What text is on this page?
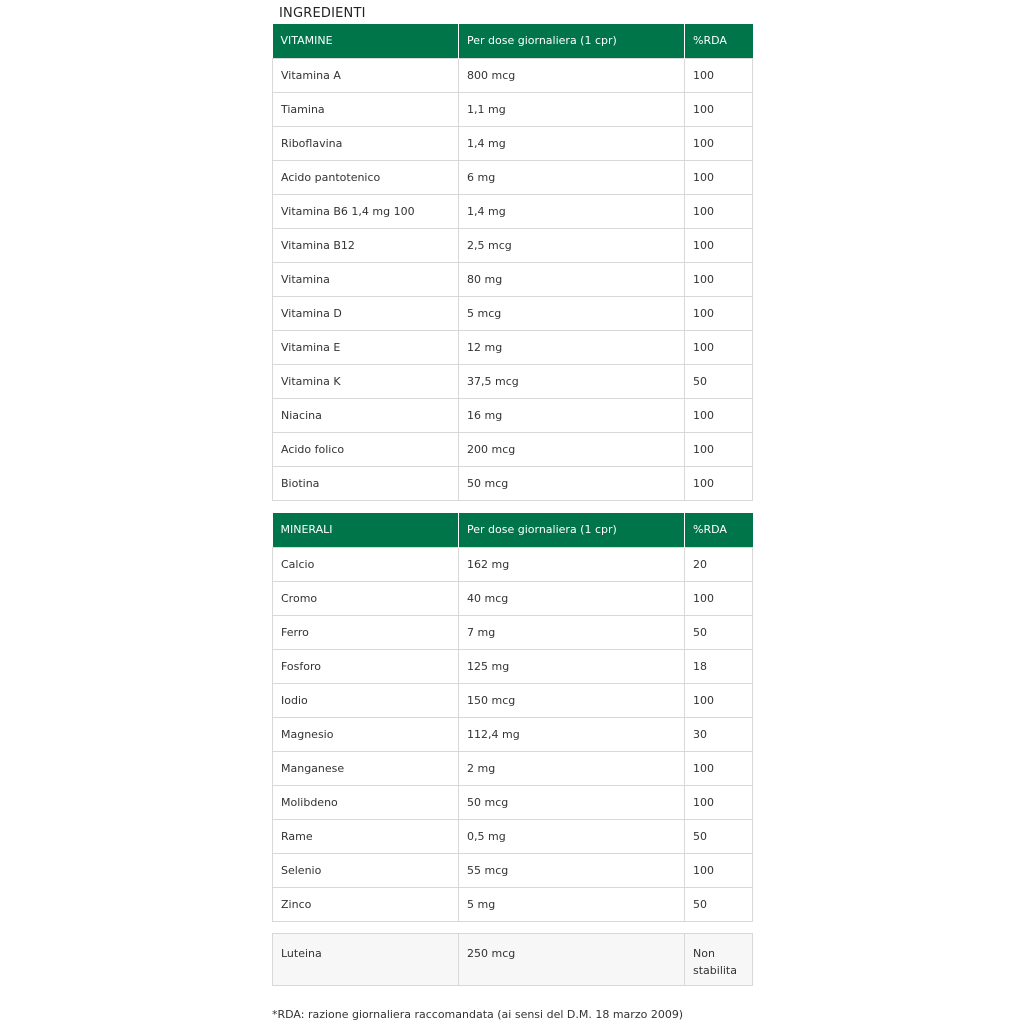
INGREDIENTI
VITAMINE	Per dose giornaliera (1 cpr)	%RDA
Vitamina A	800 mcg	100
Tiamina	1,1 mg	100
Riboflavina	1,4 mg	100
Acido pantotenico	6 mg	100
Vitamina B6 1,4 mg 100	1,4 mg	100
Vitamina B12	2,5 mcg	100
Vitamina	80 mg	100
Vitamina D	5 mcg	100
Vitamina E	12 mg	100
Vitamina K	37,5 mcg	50
Niacina	16 mg	100
Acido folico	200 mcg	100
Biotina	50 mcg	100
MINERALI	Per dose giornaliera (1 cpr)	%RDA
Calcio	162 mg	20
Cromo	40 mcg	100
Ferro	7 mg	50
Fosforo	125 mg	18
Iodio	150 mcg	100
Magnesio	112,4 mg	30
Manganese	2 mg	100
Molibdeno	50 mcg	100
Rame	0,5 mg	50
Selenio	55 mcg	100
Zinco	5 mg	50
Luteina	250 mcg	Non
stabilita
*RDA: razione giornaliera raccomandata (ai sensi del D.M. 18 marzo 2009)
